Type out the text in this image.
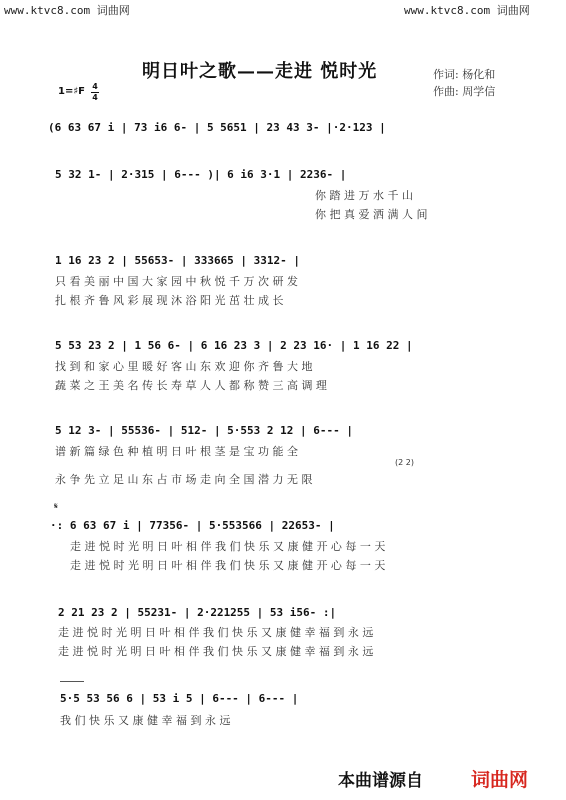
www.ktvc8.com 词曲网	www.ktvc8.com 词曲网
明日叶之歌——走进 悦时光	作词: 杨化和
作曲: 周学信
1=♯F 4
4
(6 63 67 i | 73 i6 6- | 5 5651 | 23 43 3- |·2·123 |
5 32 1- | 2·315 | 6--- )| 6 i6 3·1 | 2236- |
你 踏 进 万 水 千 山
你 把 真 爱 洒 满 人 间
1 16 23 2 | 55653- | 333665 | 3312- |
只 看 美 丽 中 国 大 家 园 中 秋 悦 千 万 次 研 发
扎 根 齐 鲁 风 彩 展 现 沐 浴 阳 光 茁 壮 成 长
5 53 23 2 | 1 56 6- | 6 16 23 3 | 2 23 16· | 1 16 22 |
找 到 和 家 心 里 暖 好 客 山 东 欢 迎 你 齐 鲁 大 地
蔬 菜 之 王 美 名 传 长 寿 草 人 人 都 称 赞 三 高 调 理
5 12 3- | 55536- | 512- | 5·553 2 12 | 6--- |
谱 新 篇 绿 色 种 植 明 日 叶 根 茎 是 宝 功 能 全
(2 2)
永 争 先 立 足 山 东 占 市 场 走 向 全 国 潜 力 无 限
𝄋
·: 6 63 67 i | 77356- | 5·553566 | 22653- |
走 进 悦 时 光 明 日 叶 相 伴 我 们 快 乐 又 康 健 开 心 每 一 天
走 进 悦 时 光 明 日 叶 相 伴 我 们 快 乐 又 康 健 开 心 每 一 天
2 21 23 2 | 55231- | 2·221255 | 53 i56- :|
走 进 悦 时 光 明 日 叶 相 伴 我 们 快 乐 又 康 健 幸 福 到 永 远
走 进 悦 时 光 明 日 叶 相 伴 我 们 快 乐 又 康 健 幸 福 到 永 远
5·5 53 56 6 | 53 i 5 | 6--- | 6--- |
我 们 快 乐 又 康 健 幸 福 到 永 远
本曲谱源自	词曲网
